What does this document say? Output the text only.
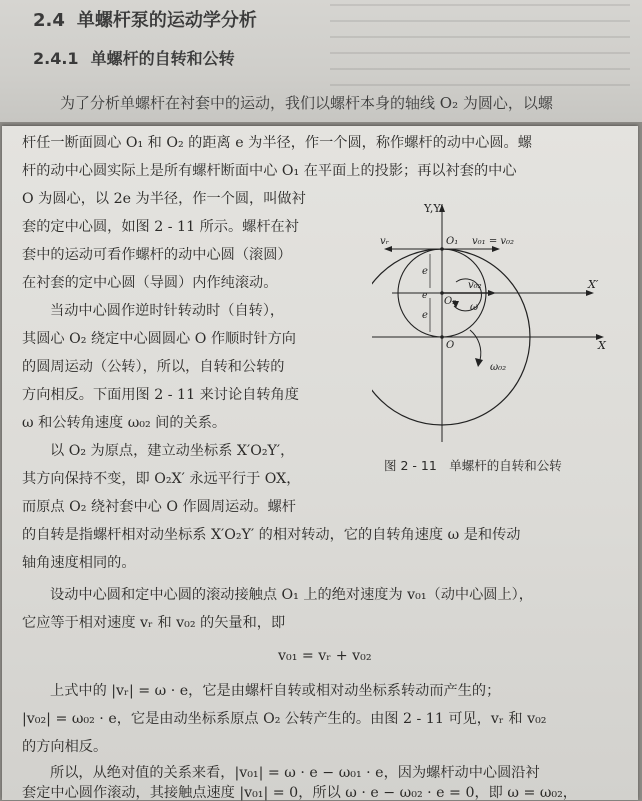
2.4 单螺杆泵的运动学分析
2.4.1 单螺杆的自转和公转
为了分析单螺杆在衬套中的运动，我们以螺杆本身的轴线 O₂ 为圆心，以螺
杆任一断面圆心 O₁ 和 O₂ 的距离 e 为半径，作一个圆，称作螺杆的动中心圆。螺
杆的动中心圆实际上是所有螺杆断面中心 O₁ 在平面上的投影；再以衬套的中心
O 为圆心，以 2e 为半径，作一个圆，叫做衬
套的定中心圆，如图 2 - 11 所示。螺杆在衬
套中的运动可看作螺杆的动中心圆（滚圆）
在衬套的定中心圆（导圆）内作纯滚动。
当动中心圆作逆时针转动时（自转），
其圆心 O₂ 绕定中心圆圆心 O 作顺时针方向
的圆周运动（公转），所以，自转和公转的
方向相反。下面用图 2 - 11 来讨论自转角度
ω 和公转角速度 ω₀₂ 间的关系。
以 O₂ 为原点，建立动坐标系 X′O₂Y′，
其方向保持不变，即 O₂X′ 永远平行于 OX，
而原点 O₂ 绕衬套中心 O 作圆周运动。螺杆
的自转是指螺杆相对动坐标系 X′O₂Y′ 的相对转动，它的自转角速度 ω 是和传动
轴角速度相同的。
设动中心圆和定中心圆的滚动接触点 O₁ 上的绝对速度为 v₀₁（动中心圆上），
它应等于相对速度 vᵣ 和 v₀₂ 的矢量和，即
v₀₁ = vᵣ + v₀₂
上式中的 |vᵣ| = ω · e，它是由螺杆自转或相对动坐标系转动而产生的；
|v₀₂| = ω₀₂ · e，它是由动坐标系原点 O₂ 公转产生的。由图 2 - 11 可见，vᵣ 和 v₀₂
的方向相反。
所以，从绝对值的关系来看，|v₀₁| = ω · e − ω₀₁ · e，因为螺杆动中心圆沿衬
套定中心圆作滚动，其接触点速度 |v₀₁| = 0，所以 ω · e − ω₀₂ · e = 0，即 ω = ω₀₂，
Y,Y′
X
X′
O₁
O₂
O
vᵣ	v₀₁ = v₀₂
v₀₂
ω
ω₀₂
e
e
e
图 2 - 11　单螺杆的自转和公转
